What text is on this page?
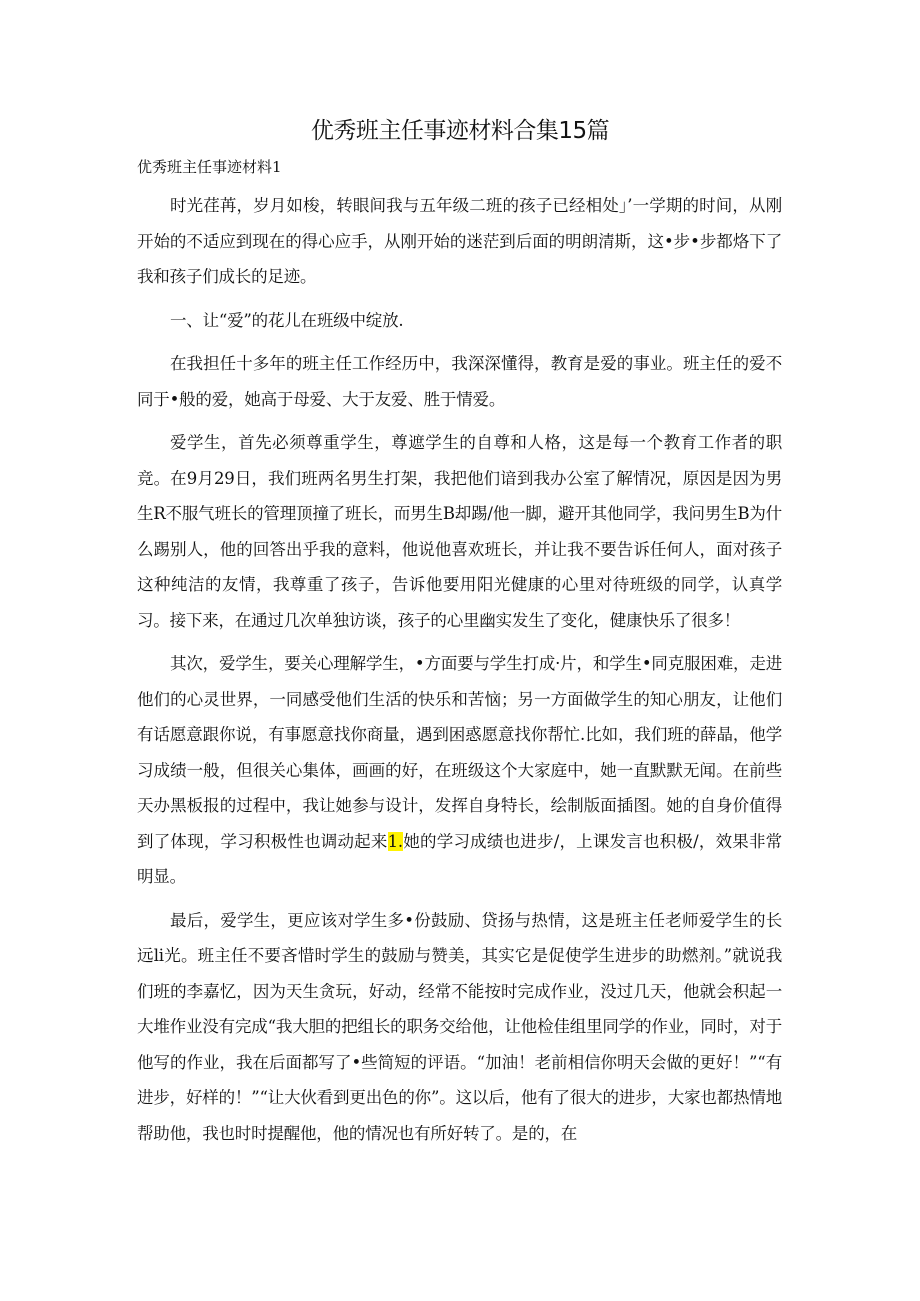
优秀班主任事迹材料合集15篇
优秀班主任事迹材料1

时光荏苒，岁月如梭，转眼间我与五年级二班的孩子已经相处」’一学期的时间，从刚开始的不适应到现在的得心应手，从刚开始的迷茫到后面的明朗清斯，这•步•步都烙下了我和孩子们成长的足迹。

一、让“爱”的花儿在班级中绽放.

在我担任十多年的班主任工作经历中，我深深懂得，教育是爱的事业。班主任的爱不同于•般的爱，她高于母爱、大于友爱、胜于情爱。

爱学生，首先必须尊重学生，尊遮学生的自尊和人格，这是每一个教育工作者的职竞。在9月29日，我们班两名男生打架，我把他们谙到我办公室了解情况，原因是因为男生R不服气班长的管理顶撞了班长，而男生B却踢/他一脚，避开其他同学，我问男生B为什么踢别人，他的回答出乎我的意料，他说他喜欢班长，并让我不要告诉任何人，面对孩子这种纯洁的友情，我尊重了孩子，告诉他要用阳光健康的心里对待班级的同学，认真学习。接下来，在通过几次单独访谈，孩子的心里幽实发生了变化，健康快乐了很多！

其次，爱学生，要关心理解学生，•方面要与学生打成·片，和学生•同克服困难，走进他们的心灵世界，一同感受他们生活的快乐和苦恼；另一方面做学生的知心朋友，让他们有话愿意跟你说，有事愿意找你商量，遇到困惑愿意找你帮忙.比如，我们班的薛晶，他学习成绩一般，但很关心集体，画画的好，在班级这个大家庭中，她一直默默无闻。在前些天办黑板报的过程中，我让她参与设计，发挥自身特长，绘制版面插图。她的自身价值得到了体现，学习积极性也调动起来1.她的学习成绩也进步/，上课发言也积极/，效果非常明显。

最后，爱学生，更应该对学生多•份鼓励、贷扬与热情，这是班主任老师爱学生的长远li光。班主任不要吝惜时学生的鼓励与赞美，其实它是促使学生进步的助燃剂。”就说我们班的李嘉忆，因为天生贪玩，好动，经常不能按时完成作业，没过几天，他就会积起一大堆作业没有完成“我大胆的把组长的职务交给他，让他检佳组里同学的作业，同时，对于他写的作业，我在后面都写了•些简短的评语。“加油！老前相信你明天会做的更好！”“有进步，好样的！”“让大伙看到更出色的你”。这以后，他有了很大的进步，大家也都热情地帮助他，我也时时提醒他，他的情况也有所好转了。是的，在
